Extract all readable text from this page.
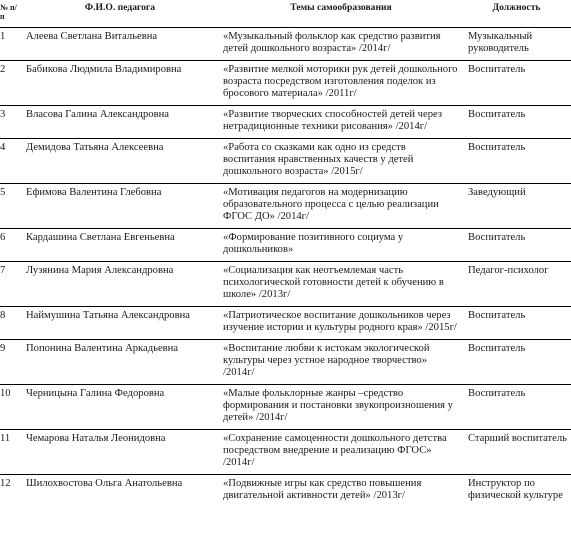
№ п/п	Ф.И.О. педагога	Темы самообразования	Должность
1	Алеева Светлана Витальевна	«Музыкальный фольклор как средство развития детей дошкольного возраста» /2014г/	Музыкальный руководитель
2	Бабикова Людмила Владимировна	«Развитие мелкой моторики рук детей дошкольного возраста посредством изготовления поделок из бросового материала» /2011г/	Воспитатель
3	Власова Галина Александровна	«Развитие творческих способностей детей через нетрадиционные техники рисования» /2014г/	Воспитатель
4	Демидова Татьяна Алексеевна	«Работа со сказками как одно из средств воспитания нравственных качеств у детей дошкольного возраста» /2015г/	Воспитатель
5	Ефимова Валентина Глебовна	«Мотивация педагогов на модернизацию образовательного процесса с целью реализации ФГОС ДО» /2014г/	Заведующий
6	Кардашина Светлана Евгеньевна	«Формирование позитивного социума у дошкольников»	Воспитатель
7	Лузянина Мария Александровна	«Социализация как неотъемлемая часть психологической готовности детей к обучению в школе» /2013г/	Педагог-психолог
8	Наймушина Татьяна Александровна	«Патриотическое воспитание дошкольников через изучение истории и культуры родного края» /2015г/	Воспитатель
9	Попонина Валентина Аркадьевна	«Воспитание любви к истокам экологической культуры через устное народное творчество» /2014г/	Воспитатель
10	Черницына Галина Федоровна	«Малые фольклорные жанры –средство формирования и постановки звукопроизношения у детей» /2014г/	Воспитатель
11	Чемарова Наталья Леонидовна	«Сохранение самоценности дошкольного детства посредством внедрение и реализацию ФГОС» /2014г/	Старший воспитатель
12	Шилохвостова Ольга Анатольевна	«Подвижные игры как средство повышения двигательной активности детей» /2013г/	Инструктор по физической культуре
